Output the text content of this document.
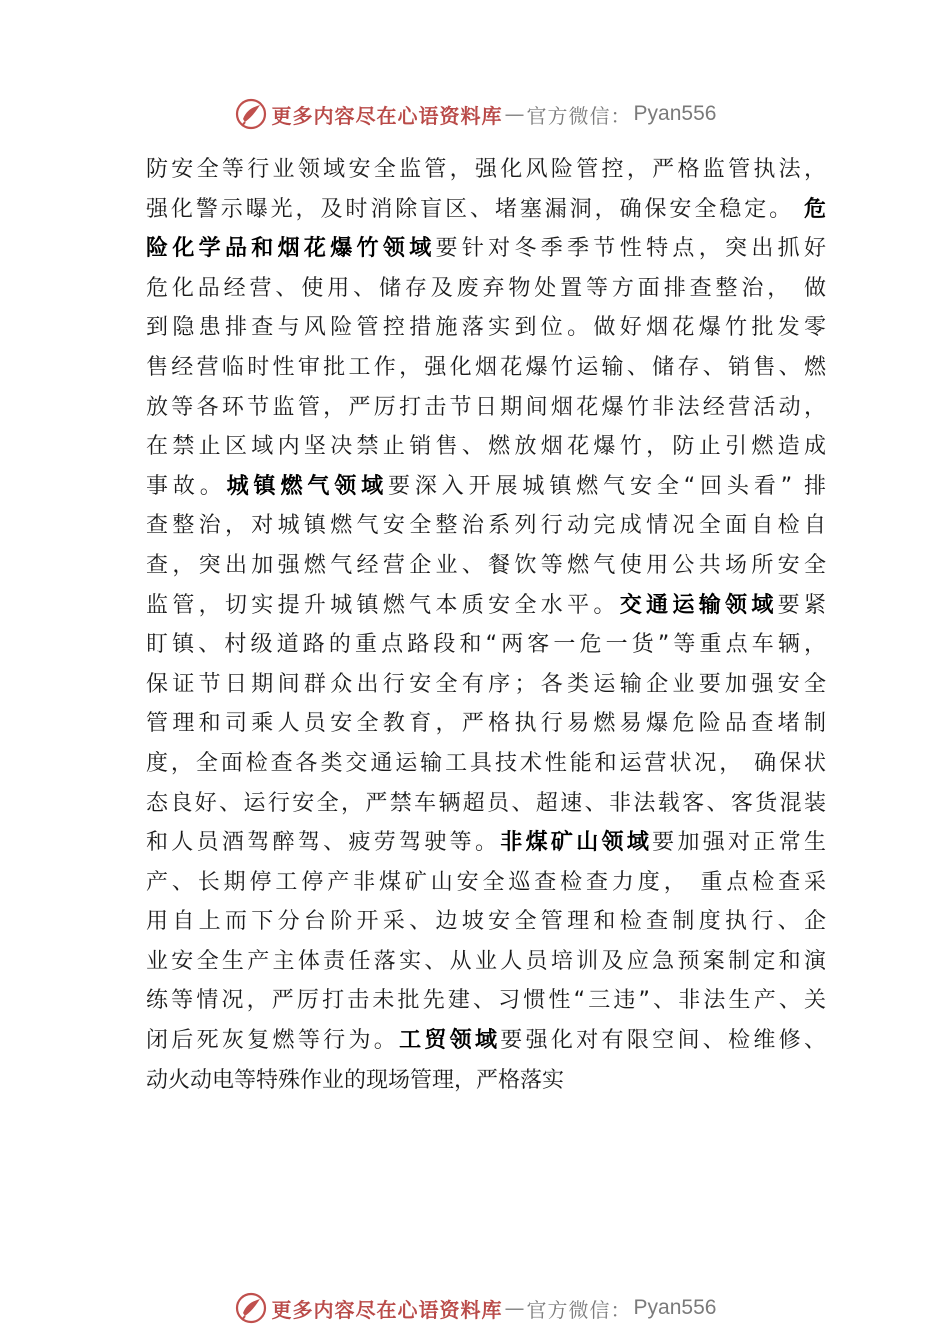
更多内容尽在心语资料库 — 官方微信： Pyan556
防安全等行业领域安全监管，强化风险管控，严格监管执法，
强化警示曝光，及时消除盲区、堵塞漏洞，确保安全稳定。 危
险化学品和烟花爆竹领域要针对冬季季节性特点，突出抓好
危化品经营、使用、储存及废弃物处置等方面排查整治， 做
到隐患排查与风险管控措施落实到位。做好烟花爆竹批发零
售经营临时性审批工作，强化烟花爆竹运输、储存、销售、燃
放等各环节监管，严厉打击节日期间烟花爆竹非法经营活动，
在禁止区域内坚决禁止销售、燃放烟花爆竹，防止引燃造成
事故。城镇燃气领域要深入开展城镇燃气安全“回头看” 排
查整治，对城镇燃气安全整治系列行动完成情况全面自检自
查，突出加强燃气经营企业、餐饮等燃气使用公共场所安全
监管，切实提升城镇燃气本质安全水平。交通运输领域要紧
盯镇、村级道路的重点路段和“两客一危一货”等重点车辆，
保证节日期间群众出行安全有序；各类运输企业要加强安全
管理和司乘人员安全教育，严格执行易燃易爆危险品查堵制
度，全面检查各类交通运输工具技术性能和运营状况， 确保状
态良好、运行安全，严禁车辆超员、超速、非法载客、客货混装
和人员酒驾醉驾、疲劳驾驶等。非煤矿山领域要加强对正常生
产、长期停工停产非煤矿山安全巡查检查力度， 重点检查采
用自上而下分台阶开采、边坡安全管理和检查制度执行、企
业安全生产主体责任落实、从业人员培训及应急预案制定和演
练等情况，严厉打击未批先建、习惯性“三违”、非法生产、关
闭后死灰复燃等行为。工贸领域要强化对有限空间、检维修、
动火动电等特殊作业的现场管理，严格落实
更多内容尽在心语资料库 — 官方微信： Pyan556
